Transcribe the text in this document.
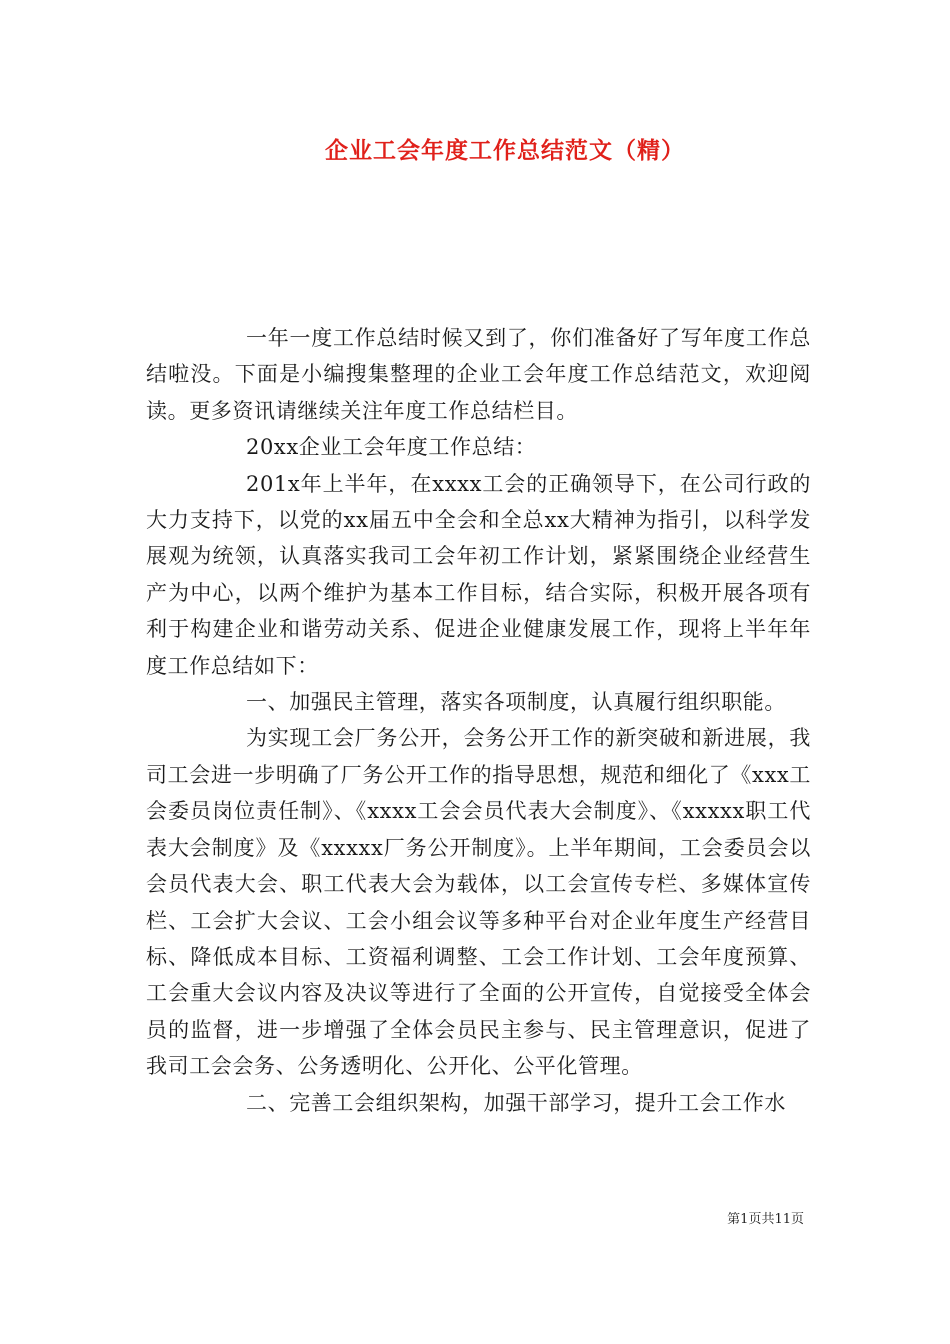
企业工会年度工作总结范文（精）

一年一度工作总结时候又到了，你们准备好了写年度工作总结啦没。下面是小编搜集整理的企业工会年度工作总结范文，欢迎阅读。更多资讯请继续关注年度工作总结栏目。

20xx企业工会年度工作总结：

201x年上半年，在xxxx工会的正确领导下，在公司行政的大力支持下，以党的xx届五中全会和全总xx大精神为指引，以科学发展观为统领，认真落实我司工会年初工作计划，紧紧围绕企业经营生产为中心，以两个维护为基本工作目标，结合实际，积极开展各项有利于构建企业和谐劳动关系、促进企业健康发展工作，现将上半年年度工作总结如下：

一、加强民主管理，落实各项制度，认真履行组织职能。

为实现工会厂务公开，会务公开工作的新突破和新进展，我司工会进一步明确了厂务公开工作的指导思想，规范和细化了《xxx工会委员岗位责任制》、《xxxx工会会员代表大会制度》、《xxxxx职工代表大会制度》及《xxxxx厂务公开制度》。上半年期间，工会委员会以会员代表大会、职工代表大会为载体，以工会宣传专栏、多媒体宣传栏、工会扩大会议、工会小组会议等多种平台对企业年度生产经营目标、降低成本目标、工资福利调整、工会工作计划、工会年度预算、工会重大会议内容及决议等进行了全面的公开宣传，自觉接受全体会员的监督，进一步增强了全体会员民主参与、民主管理意识，促进了我司工会会务、公务透明化、公开化、公平化管理。

二、完善工会组织架构，加强干部学习，提升工会工作水

第1页共11页
